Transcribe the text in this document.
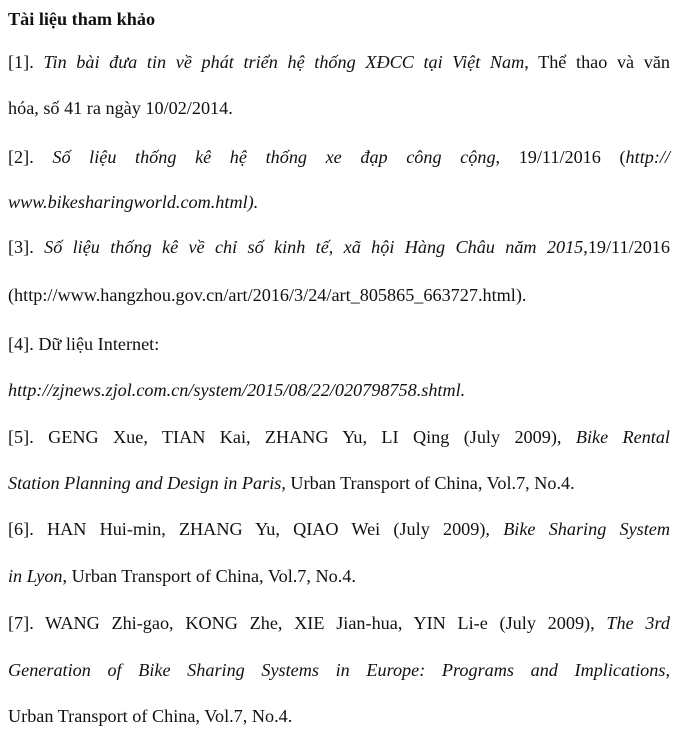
Tài liệu tham khảo
[1]. Tin bài đưa tin về phát triển hệ thống XĐCC tại Việt Nam, Thể thao và văn
hóa, số 41 ra ngày 10/02/2014.
[2]. Số liệu thống kê hệ thống xe đạp công cộng, 19/11/2016 (http://
www.bikesharingworld.com.html).
[3]. Số liệu thống kê về chỉ số kinh tế, xã hội Hàng Châu năm 2015,19/11/2016
(http://www.hangzhou.gov.cn/art/2016/3/24/art_805865_663727.html).
[4]. Dữ liệu Internet:
http://zjnews.zjol.com.cn/system/2015/08/22/020798758.shtml.
[5]. GENG Xue, TIAN Kai, ZHANG Yu, LI Qing (July 2009), Bike Rental
Station Planning and Design in Paris, Urban Transport of China, Vol.7, No.4.
[6]. HAN Hui-min, ZHANG Yu, QIAO Wei (July 2009), Bike Sharing System
in Lyon, Urban Transport of China, Vol.7, No.4.
[7]. WANG Zhi-gao, KONG Zhe, XIE Jian-hua, YIN Li-e (July 2009), The 3rd
Generation of Bike Sharing Systems in Europe: Programs and Implications,
Urban Transport of China, Vol.7, No.4.
